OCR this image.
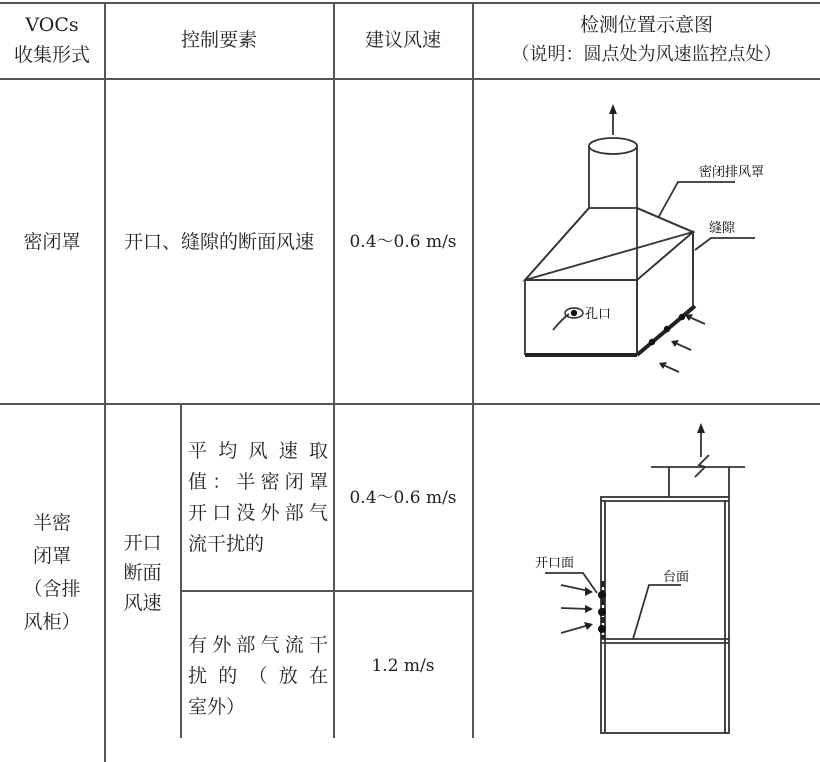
VOCs
收集形式
控制要素	建议风速
检测位置示意图
（说明：圆点处为风速监控点处）
密闭罩 开口、缝隙的断面风速 0.4～0.6 m/s
密闭排风罩
缝隙
孔口
半密
闭罩
（含排
风柜）
开口
断面
风速
平均风速取
值：半密闭罩
开口没外部气
流干扰的
0.4～0.6 m/s
有外部气流干
扰的（放在
室外）
1.2 m/s
开口面
台面
